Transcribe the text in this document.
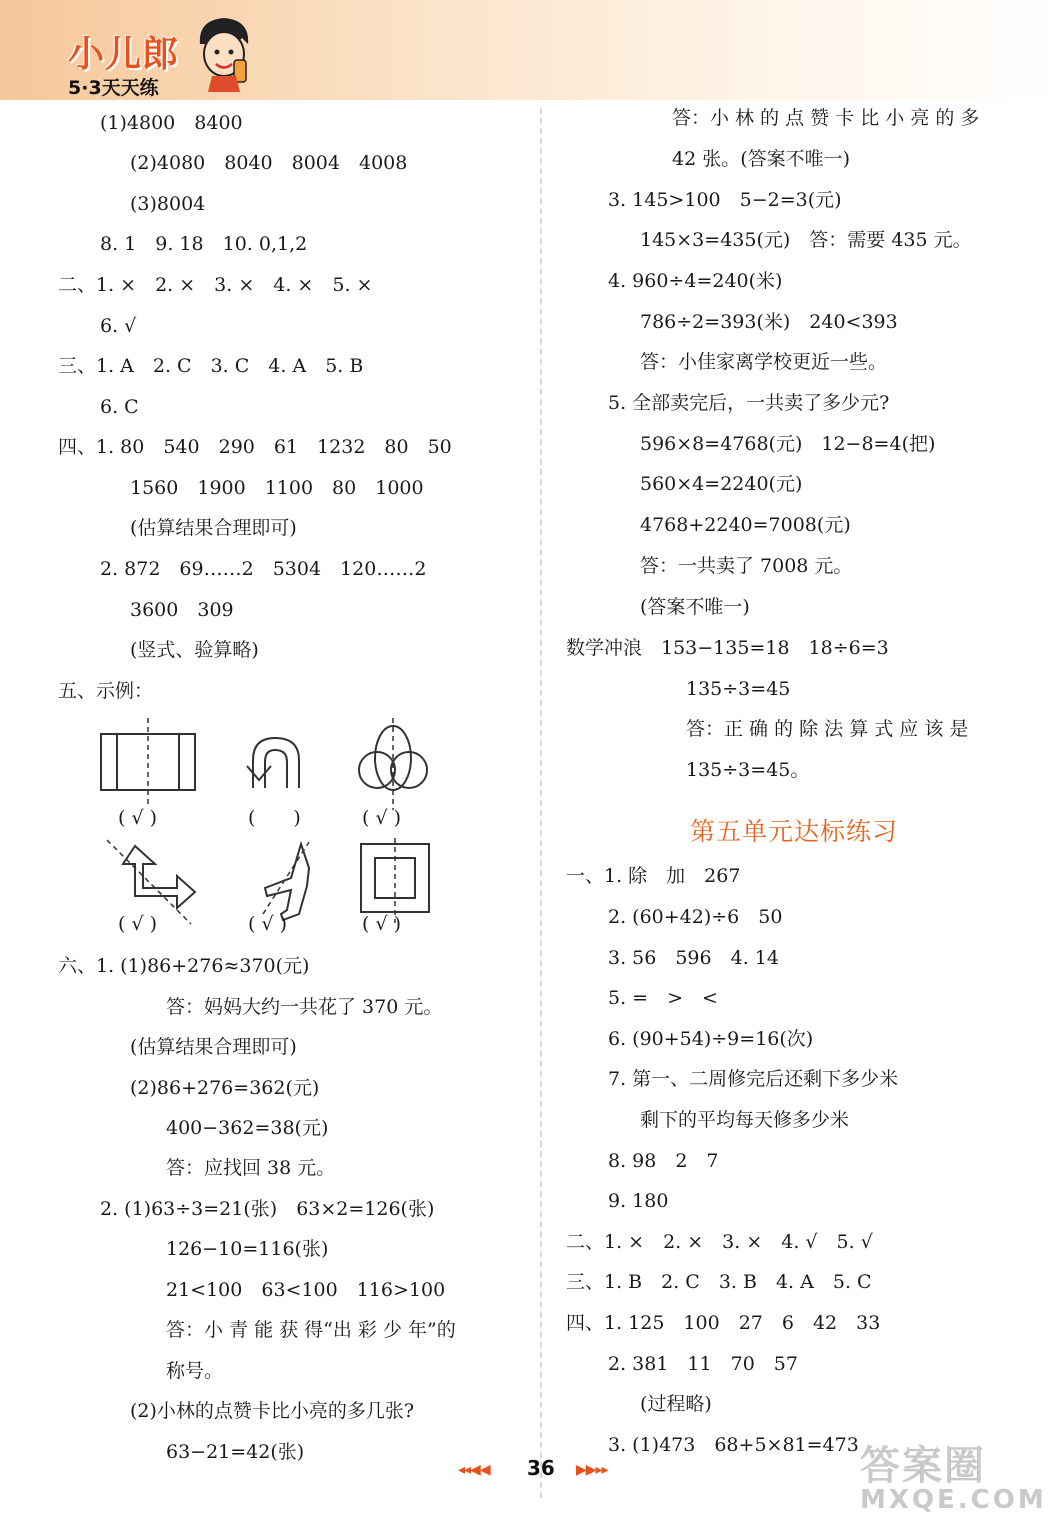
小儿郎
5·3天天练
( √ )	(　　)	( √ )
( √ )	( √ )	( √ )
第五单元达标练习
36
◂◂◀◀	▶▶▸▸	答案圈
MXQE.COM
(1)4800　8400
(2)4080　8040　8004　4008
(3)8004
8. 1　9. 18　10. 0,1,2
二、1. ×　2. ×　3. ×　4. ×　5. ×
6. √
三、1. A　2. C　3. C　4. A　5. B
6. C
四、1. 80　540　290　61　1232　80　50
1560　1900　1100　80　1000
(估算结果合理即可)
2. 872　69……2　5304　120……2
3600　309
(竖式、验算略)
五、示例：
六、1. (1)86+276≈370(元)
答：妈妈大约一共花了 370 元。
(估算结果合理即可)
(2)86+276=362(元)
400−362=38(元)
答：应找回 38 元。
2. (1)63÷3=21(张)　63×2=126(张)
126−10=116(张)
21<100　63<100　116>100
答：小 青 能 获 得“出 彩 少 年”的
称号。
(2)小林的点赞卡比小亮的多几张?
63−21=42(张)
答：小 林 的 点 赞 卡 比 小 亮 的 多
42 张。(答案不唯一)
3. 145>100　5−2=3(元)
145×3=435(元)　答：需要 435 元。
4. 960÷4=240(米)
786÷2=393(米)　240<393
答：小佳家离学校更近一些。
5. 全部卖完后，一共卖了多少元?
596×8=4768(元)　12−8=4(把)
560×4=2240(元)
4768+2240=7008(元)
答：一共卖了 7008 元。
(答案不唯一)
数学冲浪　153−135=18　18÷6=3
135÷3=45
答：正 确 的 除 法 算 式 应 该 是
135÷3=45。
一、1. 除　加　267
2. (60+42)÷6　50
3. 56　596　4. 14
5. =　>　<
6. (90+54)÷9=16(次)
7. 第一、二周修完后还剩下多少米
剩下的平均每天修多少米
8. 98　2　7
9. 180
二、1. ×　2. ×　3. ×　4. √　5. √
三、1. B　2. C　3. B　4. A　5. C
四、1. 125　100　27　6　42　33
2. 381　11　70　57
(过程略)
3. (1)473　68+5×81=473
